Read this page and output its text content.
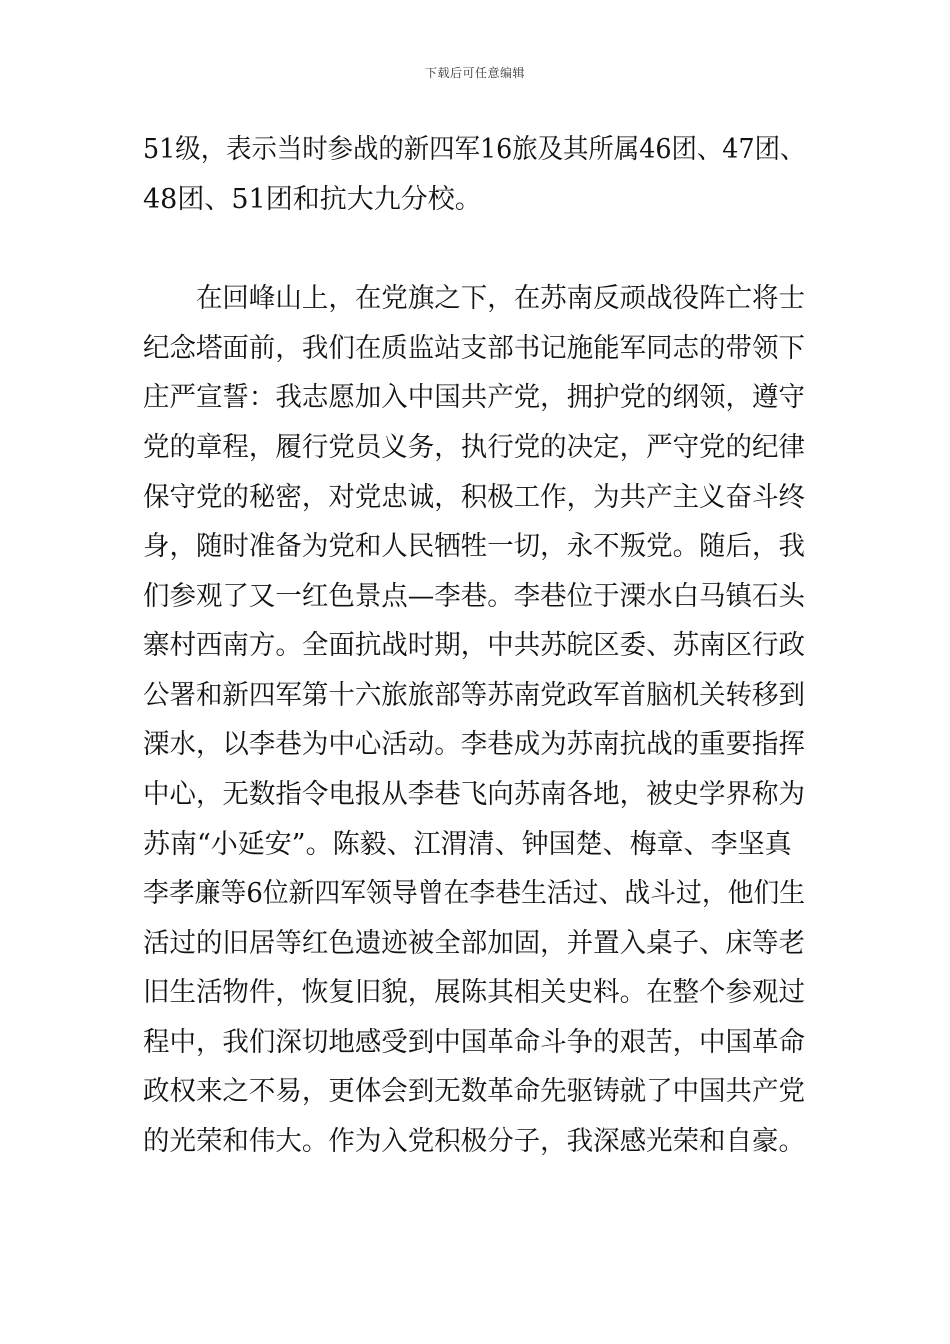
下载后可任意编辑
51级，表示当时参战的新四军16旅及其所属46团、47团、
48团、51团和抗大九分校。
　　在回峰山上，在党旗之下，在苏南反顽战役阵亡将士
纪念塔面前，我们在质监站支部书记施能军同志的带领下
庄严宣誓：我志愿加入中国共产党，拥护党的纲领，遵守
党的章程，履行党员义务，执行党的决定，严守党的纪律
保守党的秘密，对党忠诚，积极工作，为共产主义奋斗终
身，随时准备为党和人民牺牲一切，永不叛党。随后，我
们参观了又一红色景点—李巷。李巷位于溧水白马镇石头
寨村西南方。全面抗战时期，中共苏皖区委、苏南区行政
公署和新四军第十六旅旅部等苏南党政军首脑机关转移到
溧水，以李巷为中心活动。李巷成为苏南抗战的重要指挥
中心，无数指令电报从李巷飞向苏南各地，被史学界称为
苏南“小延安”。陈毅、江渭清、钟国楚、梅章、李坚真
李孝廉等6位新四军领导曾在李巷生活过、战斗过，他们生
活过的旧居等红色遗迹被全部加固，并置入桌子、床等老
旧生活物件，恢复旧貌，展陈其相关史料。在整个参观过
程中，我们深切地感受到中国革命斗争的艰苦，中国革命
政权来之不易，更体会到无数革命先驱铸就了中国共产党
的光荣和伟大。作为入党积极分子，我深感光荣和自豪。
